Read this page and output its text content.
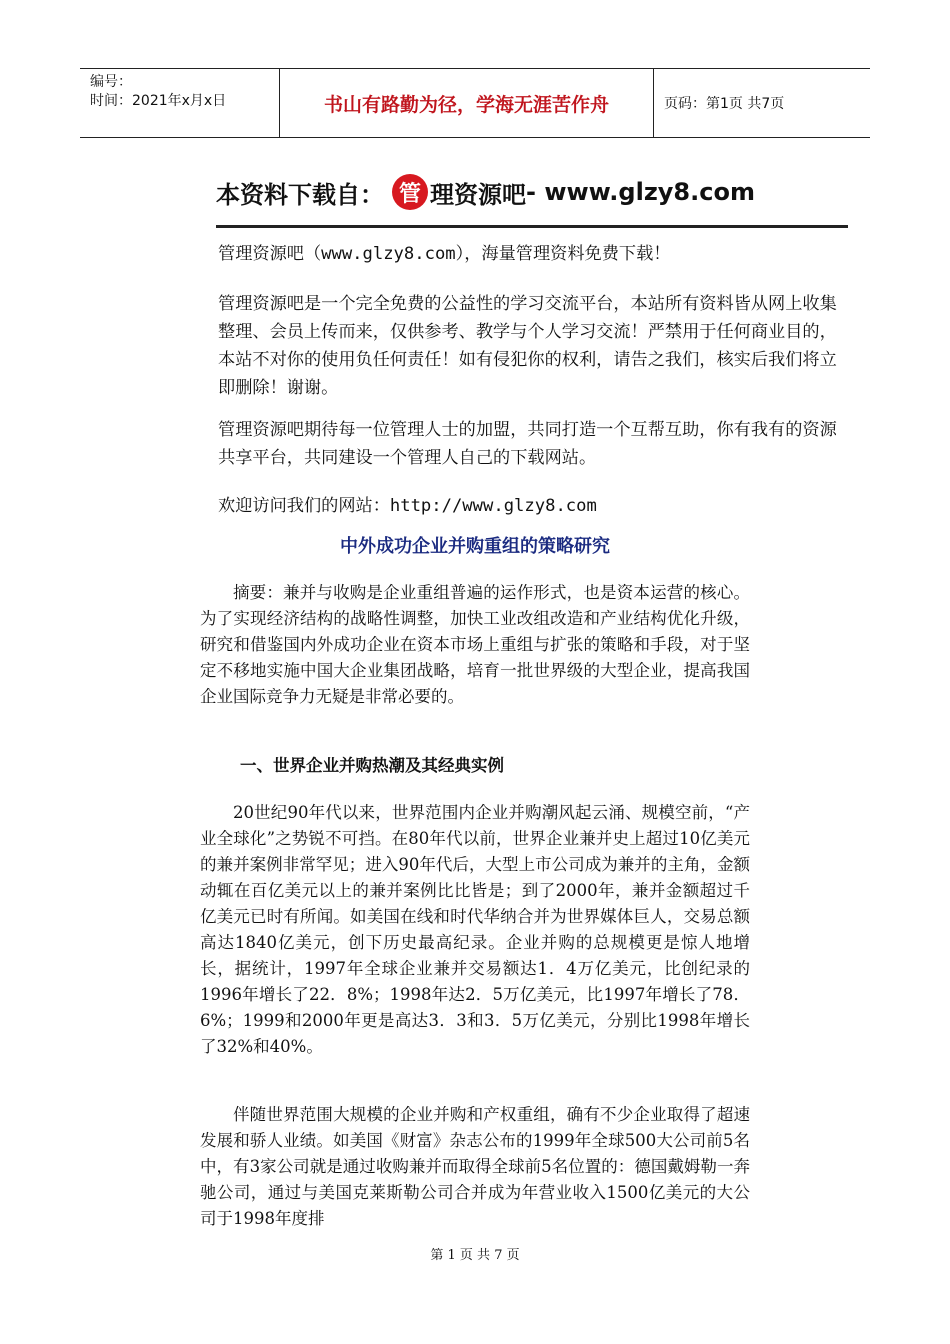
编号：
时间：2021年x月x日	书山有路勤为径，学海无涯苦作舟	页码：第1页 共7页
本资料下载自： 管 理资源吧 - www.glzy8.com

管理资源吧（www.glzy8.com），海量管理资料免费下载！

管理资源吧是一个完全免费的公益性的学习交流平台，本站所有资料皆从网上收集整理、会员上传而来，仅供参考、教学与个人学习交流！严禁用于任何商业目的，本站不对你的使用负任何责任！如有侵犯你的权利，请告之我们，核实后我们将立即删除！谢谢。

管理资源吧期待每一位管理人士的加盟，共同打造一个互帮互助，你有我有的资源共享平台，共同建设一个管理人自己的下载网站。

欢迎访问我们的网站：http://www.glzy8.com

中外成功企业并购重组的策略研究

摘要：兼并与收购是企业重组普遍的运作形式，也是资本运营的核心。为了实现经济结构的战略性调整，加快工业改组改造和产业结构优化升级，研究和借鉴国内外成功企业在资本市场上重组与扩张的策略和手段，对于坚定不移地实施中国大企业集团战略，培育一批世界级的大型企业，提高我国企业国际竞争力无疑是非常必要的。

一、世界企业并购热潮及其经典实例

20世纪90年代以来，世界范围内企业并购潮风起云涌、规模空前，“产业全球化”之势锐不可挡。在80年代以前，世界企业兼并史上超过10亿美元的兼并案例非常罕见；进入90年代后，大型上市公司成为兼并的主角，金额动辄在百亿美元以上的兼并案例比比皆是；到了2000年，兼并金额超过千亿美元已时有所闻。如美国在线和时代华纳合并为世界媒体巨人，交易总额高达1840亿美元，创下历史最高纪录。企业并购的总规模更是惊人地增长，据统计，1997年全球企业兼并交易额达1．4万亿美元，比创纪录的1996年增长了22．8%；1998年达2．5万亿美元，比1997年增长了78．6%；1999和2000年更是高达3．3和3．5万亿美元，分别比1998年增长了32%和40%。

伴随世界范围大规模的企业并购和产权重组，确有不少企业取得了超速发展和骄人业绩。如美国《财富》杂志公布的1999年全球500大公司前5名中，有3家公司就是通过收购兼并而取得全球前5名位置的：德国戴姆勒一奔驰公司，通过与美国克莱斯勒公司合并成为年营业收入1500亿美元的大公司于1998年度排

第 1 页 共 7 页
